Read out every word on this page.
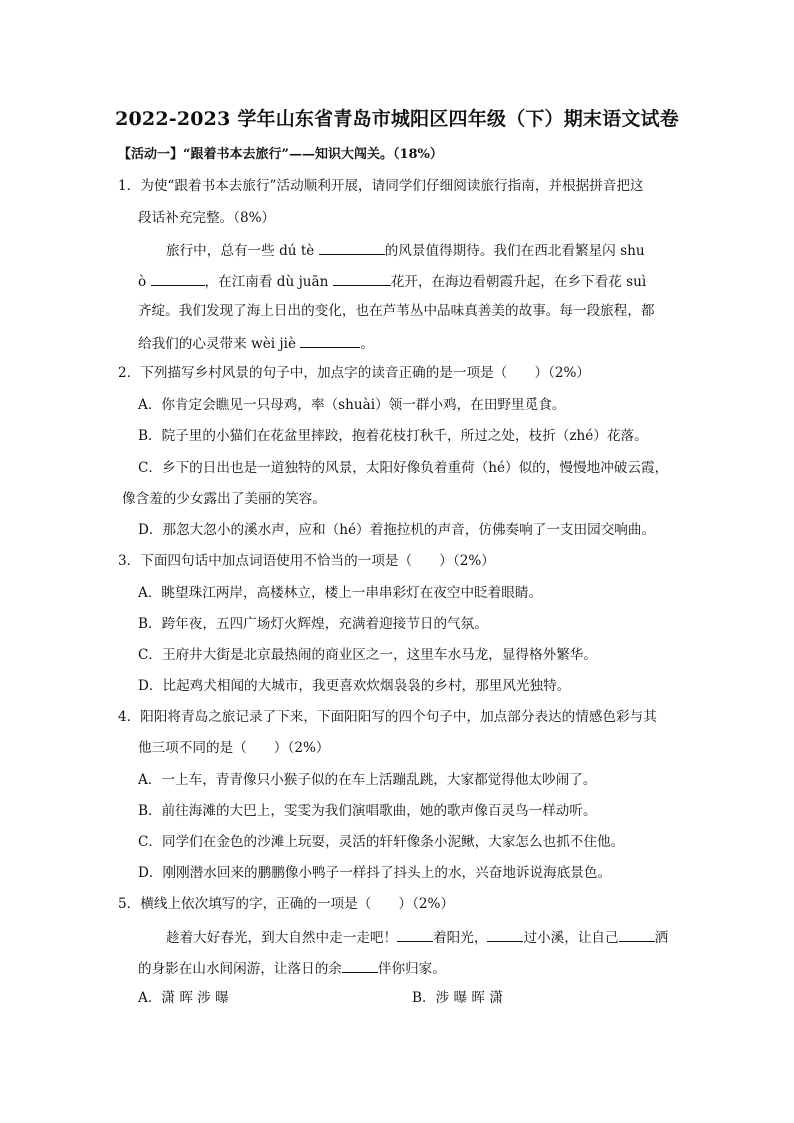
2022-2023 学年山东省青岛市城阳区四年级（下）期末语文试卷
【活动一】“跟着书本去旅行”——知识大闯关。（18%）
1．为使“跟着书本去旅行”活动顺利开展，请同学们仔细阅读旅行指南，并根据拼音把这
段话补充完整。（8%）
旅行中，总有一些 dú tè	的风景值得期待。我们在西北看繁星闪 shu
ò	，在江南看 dù juān	花开，在海边看朝霞升起，在乡下看花 suì
齐绽。我们发现了海上日出的变化，也在芦苇丛中品味真善美的故事。每一段旅程，都
给我们的心灵带来 wèi jiè	。
2．下列描写乡村风景的句子中，加点字的读音正确的是一项是（　　）（2%）
A．你肯定会瞧见一只母鸡，率（shuài）领一群小鸡，在田野里觅食。
B．院子里的小猫们在花盆里摔跤，抱着花枝打秋千，所过之处，枝折（zhé）花落。
C．乡下的日出也是一道独特的风景，太阳好像负着重荷（hé）似的，慢慢地冲破云霞，
像含羞的少女露出了美丽的笑容。
D．那忽大忽小的溪水声，应和（hé）着拖拉机的声音，仿佛奏响了一支田园交响曲。
3．下面四句话中加点词语使用不恰当的一项是（　　）（2%）
A．眺望珠江两岸，高楼林立，楼上一串串彩灯在夜空中眨着眼睛。
B．跨年夜，五四广场灯火辉煌，充满着迎接节日的气氛。
C．王府井大街是北京最热闹的商业区之一，这里车水马龙，显得格外繁华。
D．比起鸡犬相闻的大城市，我更喜欢炊烟袅袅的乡村，那里风光独特。
4．阳阳将青岛之旅记录了下来，下面阳阳写的四个句子中，加点部分表达的情感色彩与其
他三项不同的是（　　）（2%）
A．一上车，青青像只小猴子似的在车上活蹦乱跳，大家都觉得他太吵闹了。
B．前往海滩的大巴上，雯雯为我们演唱歌曲，她的歌声像百灵鸟一样动听。
C．同学们在金色的沙滩上玩耍，灵活的轩轩像条小泥鳅，大家怎么也抓不住他。
D．刚刚潜水回来的鹏鹏像小鸭子一样抖了抖头上的水，兴奋地诉说海底景色。
5．横线上依次填写的字，正确的一项是（　　）（2%）
趁着大好春光，到大自然中走一走吧！	着阳光，	过小溪，让自己	洒
的身影在山水间闲游，让落日的余	伴你归家。
A．潇 晖 涉 曝	B．涉 曝 晖 潇
